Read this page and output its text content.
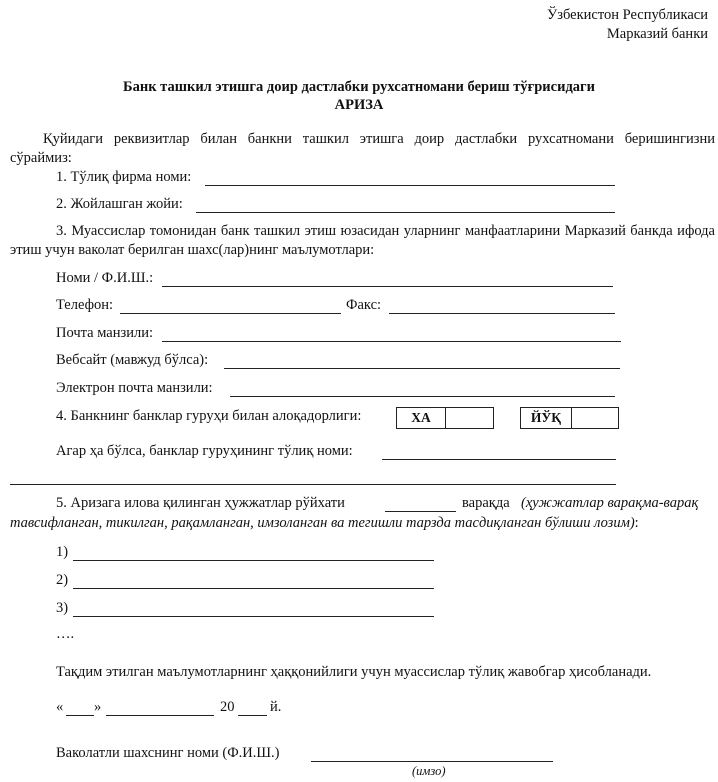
Ўзбекистон Республикаси
Марказий банки
Банк ташкил этишга доир дастлабки рухсатномани бериш тўғрисидаги
АРИЗА
Қуйидаги реквизитлар билан банкни ташкил этишга доир дастлабки рухсатномани беришингизни сўраймиз:
1. Тўлиқ фирма номи:
2. Жойлашган жойи:
3. Муассислар томонидан банк ташкил этиш юзасидан уларнинг манфаатларини Марказий банкда ифода этиш учун ваколат берилган шахс(лар)нинг маълумотлари:
Номи / Ф.И.Ш.:
Телефон:	Факс:
Почта манзили:
Вебсайт (мавжуд бўлса):
Электрон почта манзили:
4. Банкнинг банклар гуруҳи билан алоқадорлиги:	ХА	ЙЎҚ
Агар ҳа бўлса, банклар гуруҳининг тўлиқ номи:
5. Аризага илова қилинган ҳужжатлар рўйхати	варақда (ҳужжатлар варақма-варақ
тавсифланган, тикилган, рақамланган, имзоланган ва тегишли тарзда тасдиқланган бўлиши лозим):
1)
2)
3)
….
Тақдим этилган маълумотларнинг ҳаққонийлиги учун муассислар тўлиқ жавобгар ҳисобланади.
« »	20 й.
Ваколатли шахснинг номи (Ф.И.Ш.)
(имзо)
